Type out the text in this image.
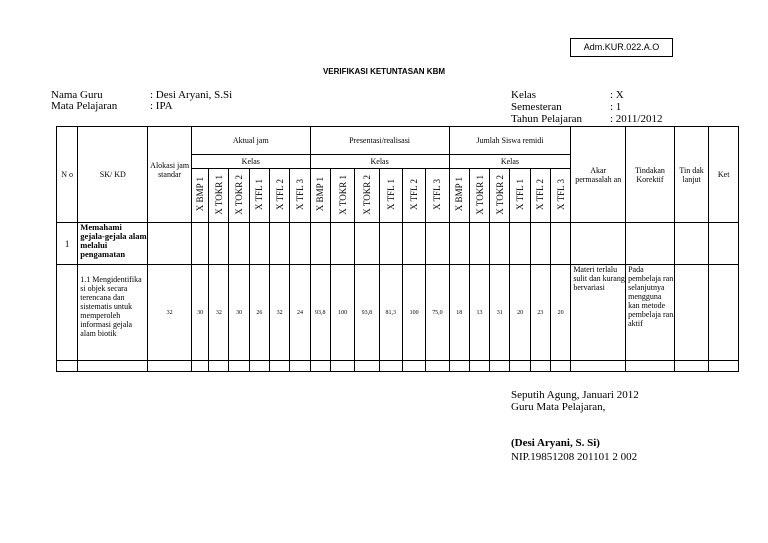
Adm.KUR.022.A.O
VERIFIKASI KETUNTASAN KBM
Nama Guru	: Desi Aryani, S.Si
Mata Pelajaran	: IPA
Kelas	: X
Semesteran	: 1
Tahun Pelajaran	: 2011/2012
N o	SK/ KD	Alokasi jam standar	Aktual jam						Presentasi/realisasi						Jumlah Siswa remidi						Akar permasalah an	Tindakan Korektif	Tin dak lanjut	Ket
			Kelas						Kelas						Kelas									
			X BMP 1	X TOKR 1	X TOKR 2	X TFL 1	X TFL 2	X TFL 3	X BMP 1	X TOKR 1	X TOKR 2	X TFL 1	X TFL 2	X TFL 3	X BMP 1	X TOKR 1	X TOKR 2	X TFL 1	X TFL 2	X TFL 3				
1	Memahami gejala-gejala alam melalui pengamatan																							
	1.1 Mengidentifika si objek secara terencana dan sistematis untuk memperoleh informasi gejala alam biotik	32	30	32	30	26	32	24	93,8	100	93,8	81,3	100	75,0	18	13	31	20	23	20	Materi terlalu sulit dan kurang bervariasi	Pada pembelaja ran selanjutnya mengguna kan metode pembelaja ran aktif		

Seputih Agung, Januari 2012
Guru Mata Pelajaran,
(Desi Aryani, S. Si)
NIP.19851208 201101 2 002
